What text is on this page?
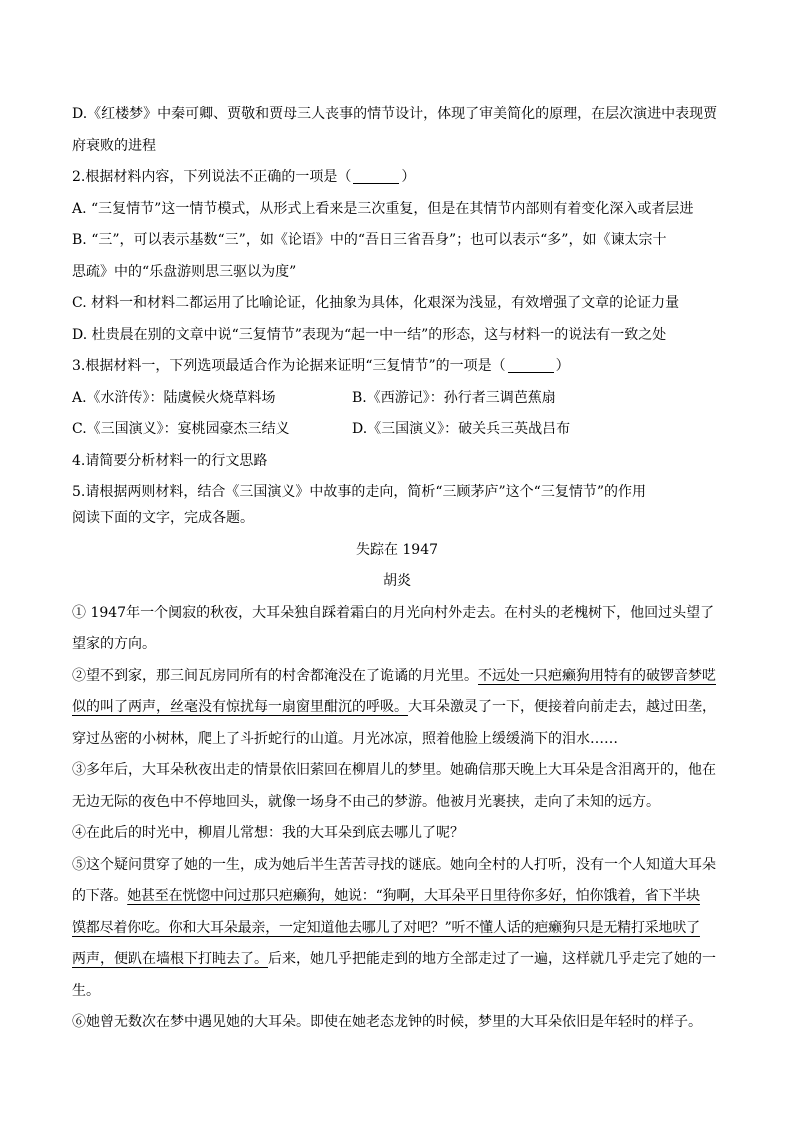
D.《红楼梦》中秦可卿、贾敬和贾母三人丧事的情节设计，体现了审美简化的原理，在层次演进中表现贾
府衰败的进程
2.根据材料内容，下列说法不正确的一项是（	）
A. “三复情节”这一情节模式，从形式上看来是三次重复，但是在其情节内部则有着变化深入或者层进
B. “三”，可以表示基数“三”，如《论语》中的“吾日三省吾身”；也可以表示“多”，如《谏太宗十
思疏》中的“乐盘游则思三驱以为度”
C. 材料一和材料二都运用了比喻论证，化抽象为具体，化艰深为浅显，有效增强了文章的论证力量
D. 杜贵晨在别的文章中说“三复情节”表现为“起一中一结”的形态，这与材料一的说法有一致之处
3.根据材料一，下列选项最适合作为论据来证明“三复情节”的一项是（	）
A.《水浒传》：陆虞候火烧草料场	B.《西游记》：孙行者三调芭蕉扇
C.《三国演义》：宴桃园豪杰三结义	D.《三国演义》：破关兵三英战吕布
4.请简要分析材料一的行文思路
5.请根据两则材料，结合《三国演义》中故事的走向，简析“三顾茅庐”这个“三复情节”的作用
阅读下面的文字，完成各题。
失踪在 1947
胡炎
① 1947年一个阒寂的秋夜，大耳朵独自踩着霜白的月光向村外走去。在村头的老槐树下，他回过头望了
望家的方向。
②望不到家，那三间瓦房同所有的村舍都淹没在了诡谲的月光里。不远处一只疤癞狗用特有的破锣音梦呓
似的叫了两声，丝毫没有惊扰每一扇窗里酣沉的呼吸。大耳朵激灵了一下，便接着向前走去，越过田垄，
穿过丛密的小树林，爬上了斗折蛇行的山道。月光冰凉，照着他脸上缓缓淌下的泪水……
③多年后，大耳朵秋夜出走的情景依旧萦回在柳眉儿的梦里。她确信那天晚上大耳朵是含泪离开的，他在
无边无际的夜色中不停地回头，就像一场身不由己的梦游。他被月光裹挟，走向了未知的远方。
④在此后的时光中，柳眉儿常想：我的大耳朵到底去哪儿了呢？
⑤这个疑问贯穿了她的一生，成为她后半生苦苦寻找的谜底。她向全村的人打听，没有一个人知道大耳朵
的下落。她甚至在恍惚中问过那只疤癞狗，她说：“狗啊，大耳朵平日里待你多好，怕你饿着，省下半块
馍都尽着你吃。你和大耳朵最亲，一定知道他去哪儿了对吧？”听不懂人话的疤癞狗只是无精打采地吠了
两声，便趴在墙根下打盹去了。后来，她几乎把能走到的地方全部走过了一遍，这样就几乎走完了她的一
生。
⑥她曾无数次在梦中遇见她的大耳朵。即使在她老态龙钟的时候，梦里的大耳朵依旧是年轻时的样子。
